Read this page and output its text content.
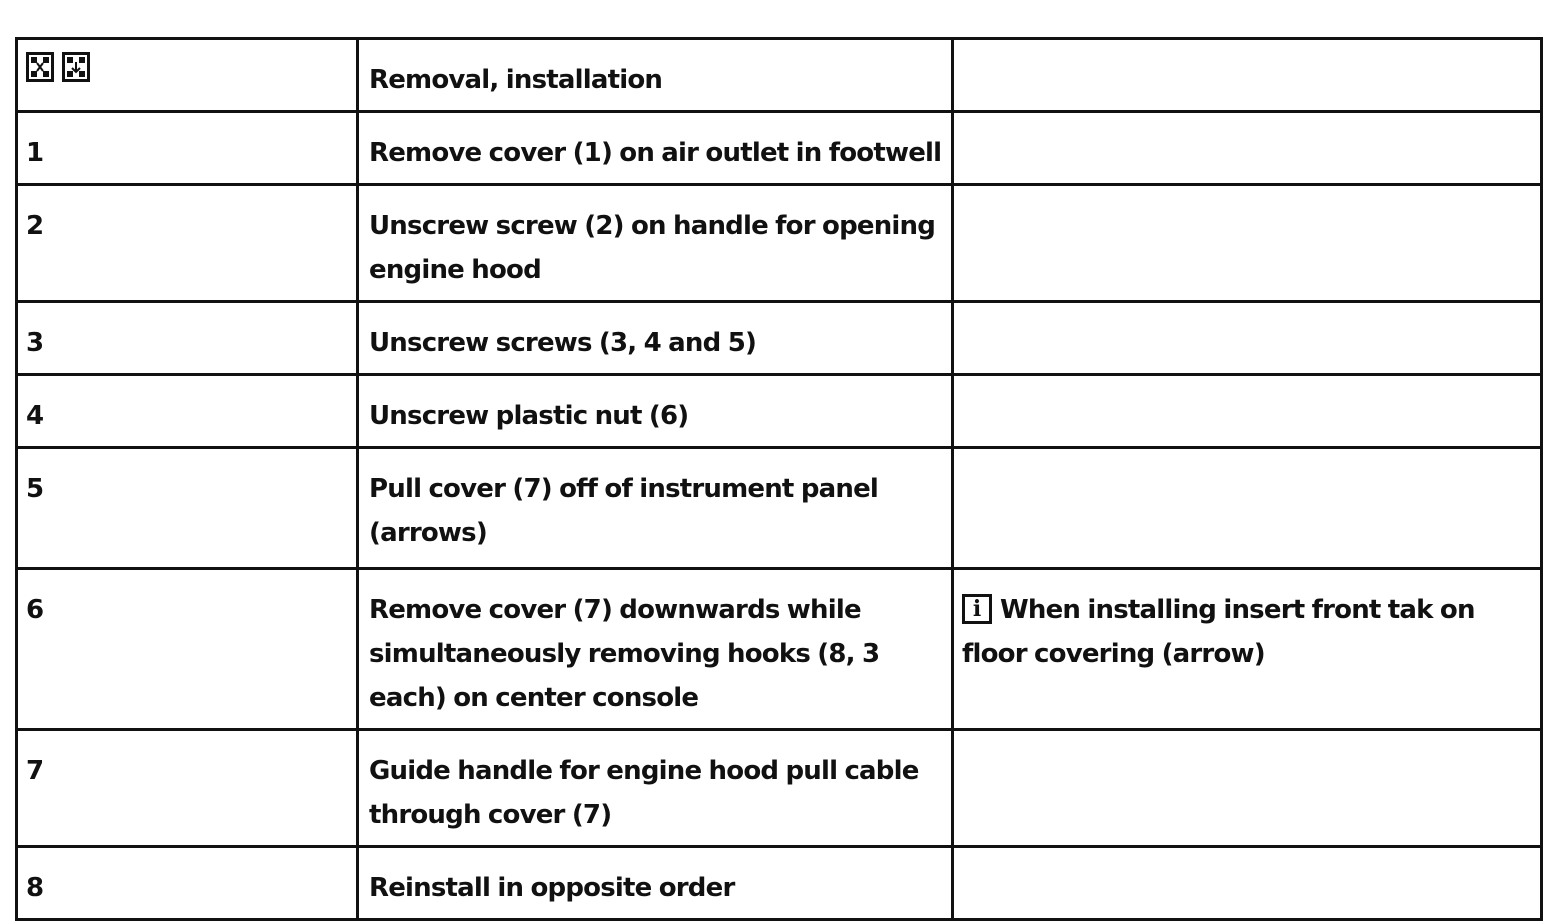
	Removal, installation	
1	Remove cover (1) on air outlet in footwell	
2	Unscrew screw (2) on handle for opening engine hood	
3	Unscrew screws (3, 4 and 5)	
4	Unscrew plastic nut (6)	
5	Pull cover (7) off of instrument panel (arrows)	
6	Remove cover (7) downwards while simultaneously removing hooks (8, 3 each) on center console	i When installing insert front tak on floor covering (arrow)

7	Guide handle for engine hood pull cable through cover (7)	
8	Reinstall in opposite order	
